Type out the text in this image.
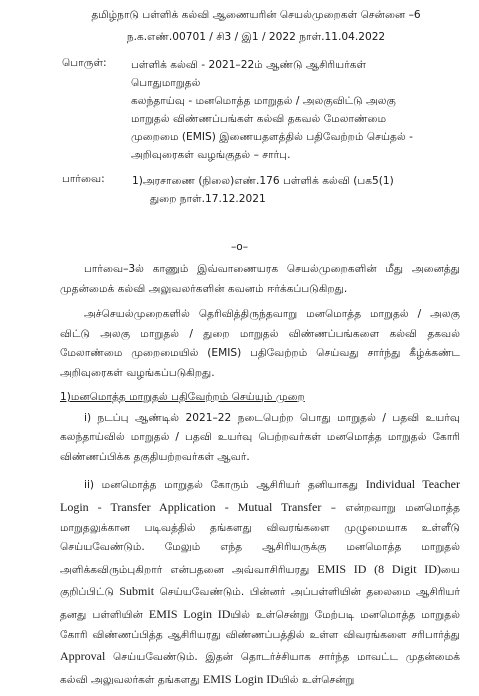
தமிழ்நாடு பள்ளிக் கல்வி ஆணையரின் செயல்முறைகள் சென்னை –6
ந.க.எண்.00701 / சி3 / இ1 / 2022 நாள்.11.04.2022
பொருள்:	பள்ளிக் கல்வி - 2021–22ம் ஆண்டு ஆசிரியர்கள் பொதுமாறுதல்
கலந்தாய்வு - மனமொத்த மாறுதல் / அலகுவிட்டு அலகு
மாறுதல் விண்ணப்பங்கள் கல்வி தகவல் மேலாண்மை
முறைமை (EMIS) இணையதளத்தில் பதிவேற்றம் செய்தல் -
அறிவுரைகள் வழங்குதல் – சார்பு.
பார்வை:	1)அரசாணை (நிலை)எண்.176 பள்ளிக் கல்வி (பக5(1)
துறை நாள்.17.12.2021
–o–

பார்வை–3ல் காணும் இவ்வாணையரக செயல்முறைகளின் மீது அனைத்து முதன்மைக் கல்வி அலுவலர்களின் கவனம் ஈர்க்கப்படுகிறது.

அச்செயல்முறைகளில் தெரிவித்திருந்தவாறு மனமொத்த மாறுதல் / அலகு விட்டு அலகு மாறுதல் / துறை மாறுதல் விண்ணப்பங்களை கல்வி தகவல் மேலாண்மை முறைமையில் (EMIS) பதிவேற்றம் செய்வது சார்ந்து கீழ்க்கண்ட அறிவுரைகள் வழங்கப்படுகிறது.

1)மனமொத்த மாறுதல் பதிவேற்றம் செய்யும் முறை

i) நடப்பு ஆண்டில் 2021–22 நடைபெற்ற பொது மாறுதல் / பதவி உயர்வு கலந்தாய்வில் மாறுதல் / பதவி உயர்வு பெற்றவர்கள் மனமொத்த மாறுதல் கோரி விண்ணப்பிக்க தகுதியற்றவர்கள் ஆவர்.

ii) மனமொத்த மாறுதல் கோரும் ஆசிரியர் தனியாகது Individual Teacher Login - Transfer Application - Mutual Transfer – என்றவாறு மனமொத்த மாறுதலுக்கான படிவத்தில் தங்களது விவரங்களை முழுமையாக உள்ளீடு செய்யவேண்டும். மேலும் எந்த ஆசிரியருக்கு மனமொத்த மாறுதல் அளிக்கவிரும்புகிறார் என்பதனை அவ்வாசிரியரது EMIS ID (8 Digit ID)யை குறிப்பிட்டு Submit செய்யவேண்டும். பின்னர் அப்பள்ளியின் தலைமை ஆசிரியர் தனது பள்ளியின் EMIS Login IDயில் உள்சென்று மேற்படி மனமொத்த மாறுதல் கோரி விண்ணப்பித்த ஆசிரியரது விண்ணப்பத்தில் உள்ள விவரங்களை சரிபார்த்து Approval செய்யவேண்டும். இதன் தொடர்ச்சியாக சார்ந்த மாவட்ட முதன்மைக் கல்வி அலுவலர்கள் தங்களது EMIS Login IDயில் உள்சென்று
